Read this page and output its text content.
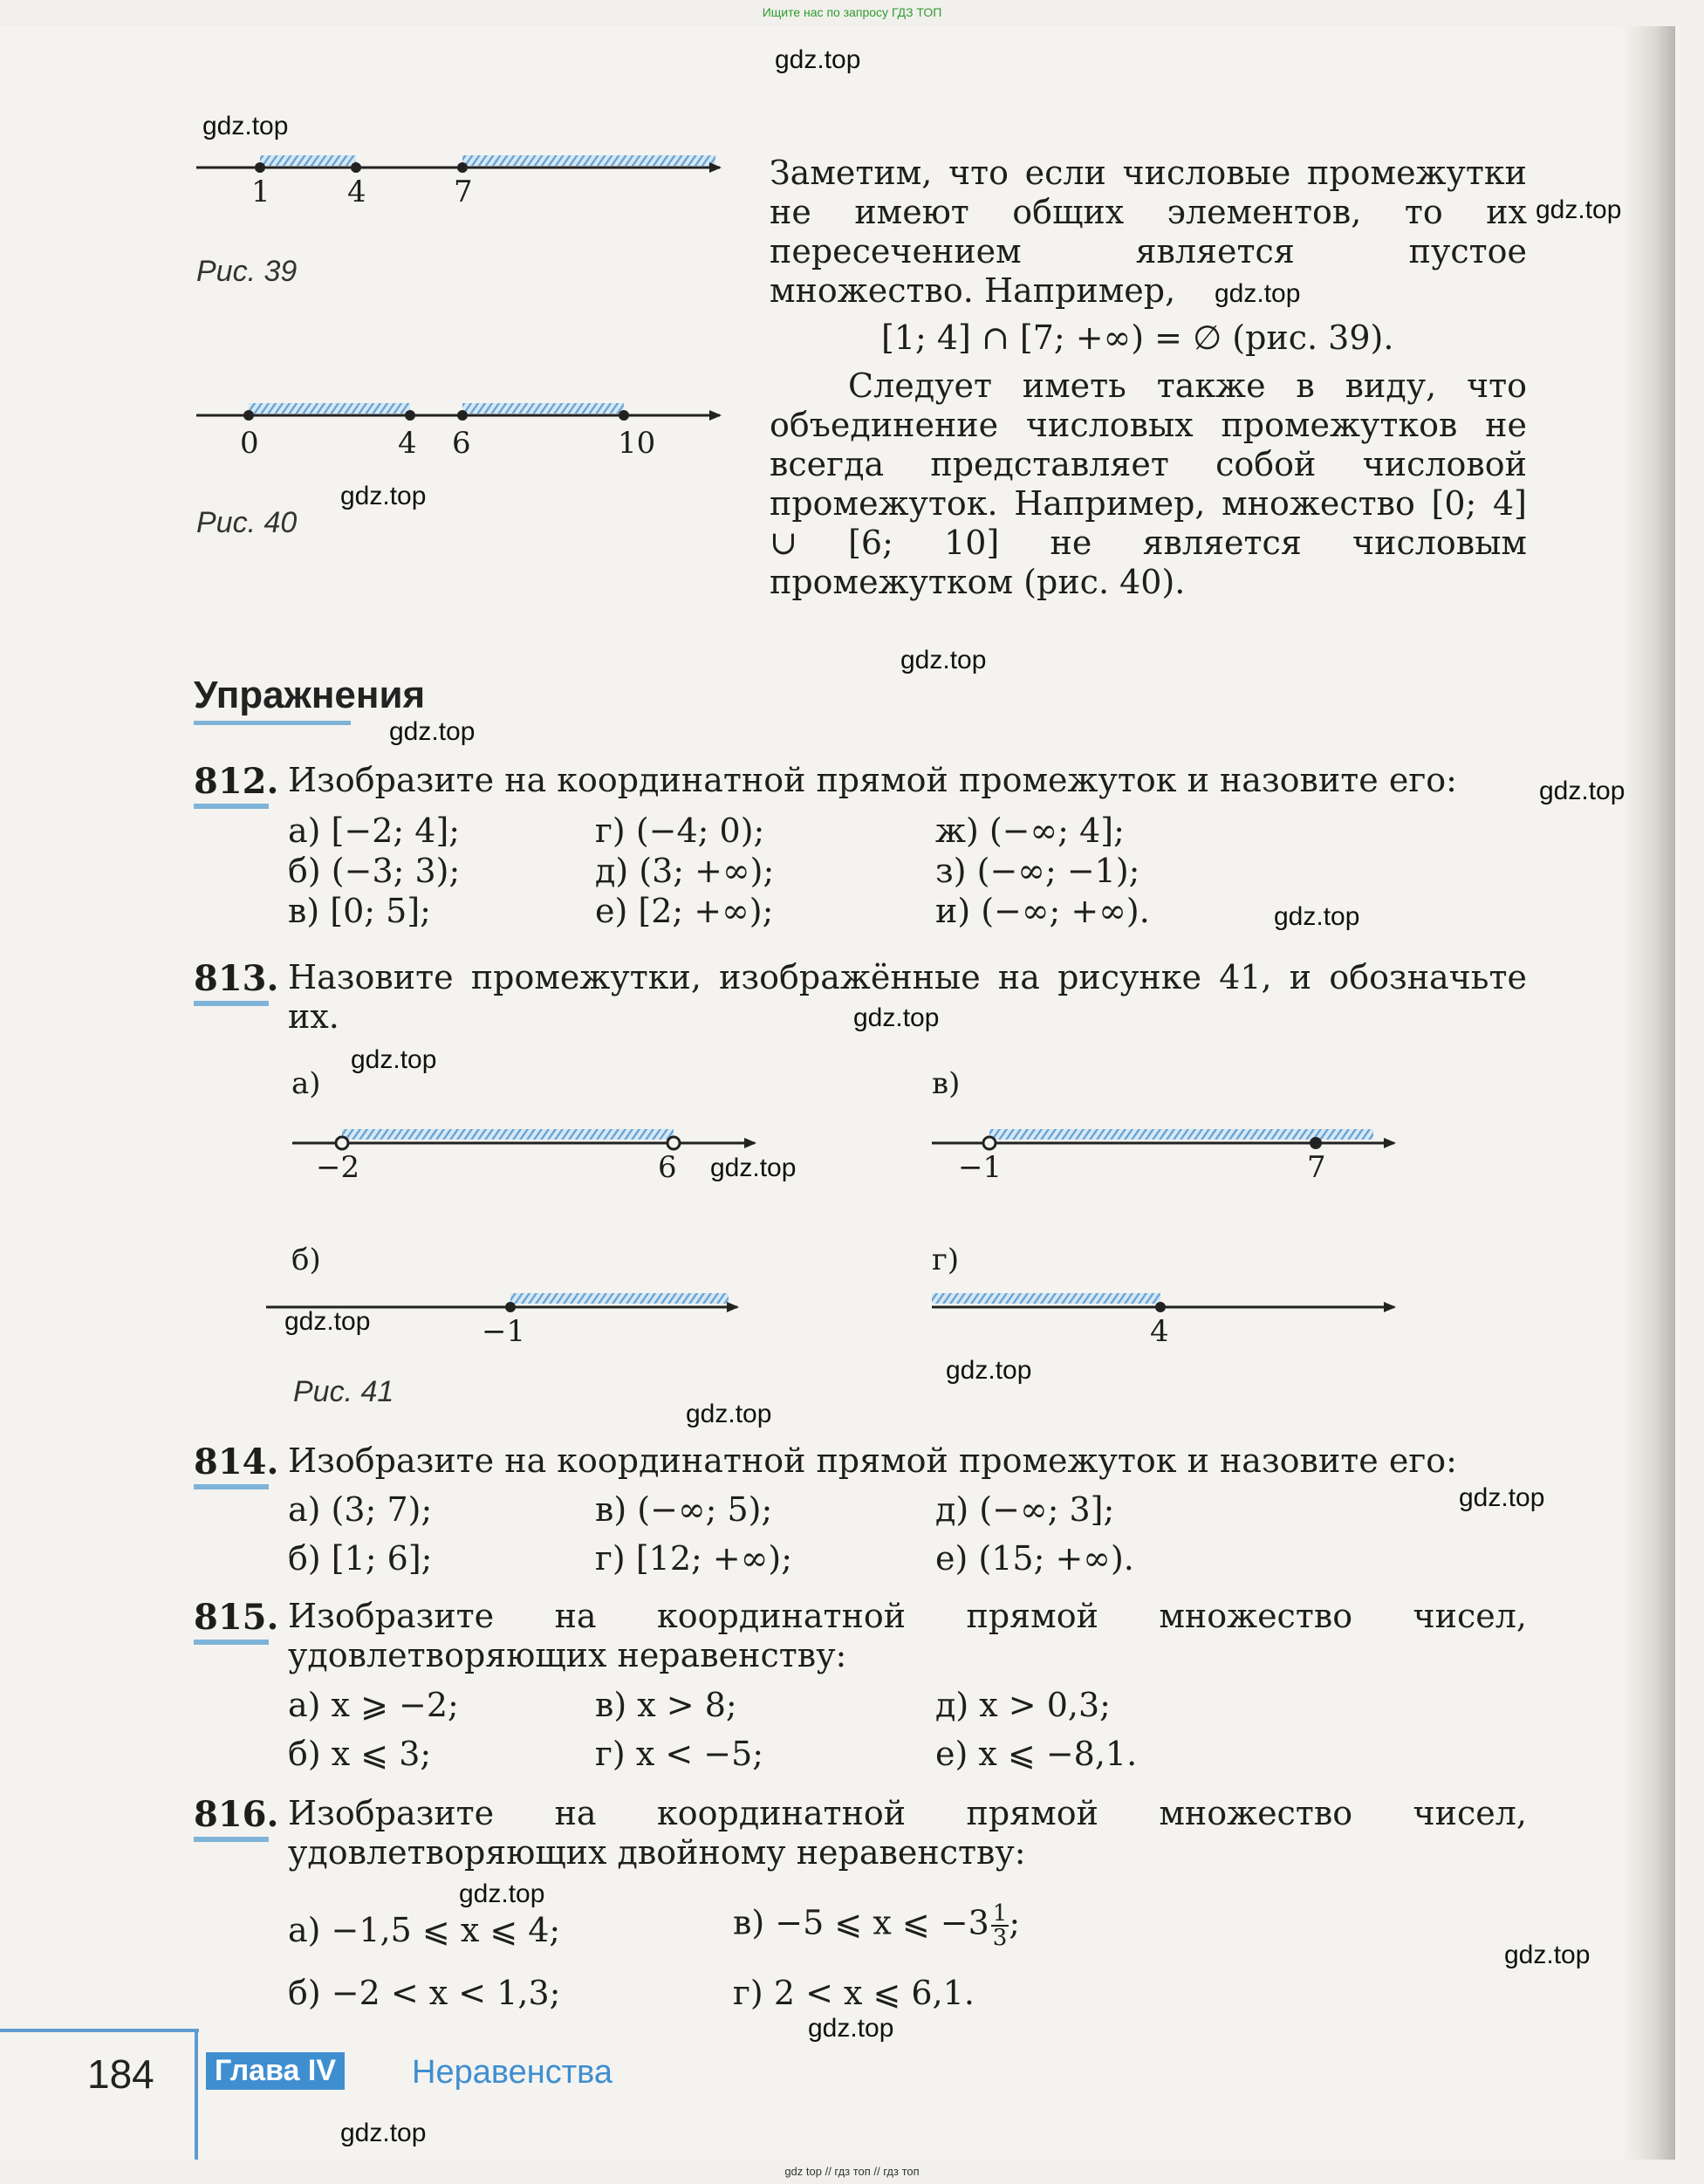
Ищите нас по запросу ГДЗ ТОП
gdz.top
gdz.top
gdz.top
gdz.top
gdz.top
gdz.top
gdz.top
gdz.top
gdz.top
gdz.top
gdz.top
gdz.top
gdz.top
gdz.top
gdz.top
gdz.top
gdz.top
gdz.top
gdz.top
gdz.top
1	4	7
Рис. 39
0	4 6	10
Рис. 40

Заметим, что если числовые промежутки не имеют общих элементов, то их пересечением является пустое множество. Например,

[1; 4] ∩ [7; +∞) = ∅ (рис. 39).

Следует иметь также в виду, что объединение числовых промежутков не всегда представляет собой числовой промежуток. Например, множество [0; 4] ∪ [6; 10] не является числовым промежутком (рис. 40).

Упражнения
812. Изобразите на координатной прямой промежуток и назовите его:

а) [−2; 4];	г) (−4; 0);	ж) (−∞; 4];
б) (−3; 3);	д) (3; +∞);	з) (−∞; −1);
в) [0; 5];	е) [2; +∞);	и) (−∞; +∞).
813. Назовите промежутки, изображённые на рисунке 41, и обозначьте их.

а)
−2	6
в)
−1	7
б)
−1
г)
4
Рис. 41
814. Изобразите на координатной прямой промежуток и назовите его:

а) (3; 7);	в) (−∞; 5);	д) (−∞; 3];
б) [1; 6];	г) [12; +∞);	е) (15; +∞).
815. Изобразите на координатной прямой множество чисел, удовлетворяющих неравенству:

а) x ⩾ −2;	в) x > 8;	д) x > 0,3;
б) x ⩽ 3;	г) x < −5;	е) x ⩽ −8,1.
816. Изобразите на координатной прямой множество чисел, удовлетворяющих двойному неравенству:

а) −1,5 ⩽ x ⩽ 4;	в) −5 ⩽ x ⩽ $-3 \frac{1}{3}$ ;
б) −2 < x < 1,3;	г) 2 < x ⩽ 6,1.
184 Глава IV Неравенства
gdz top // гдз топ // гдз топ
